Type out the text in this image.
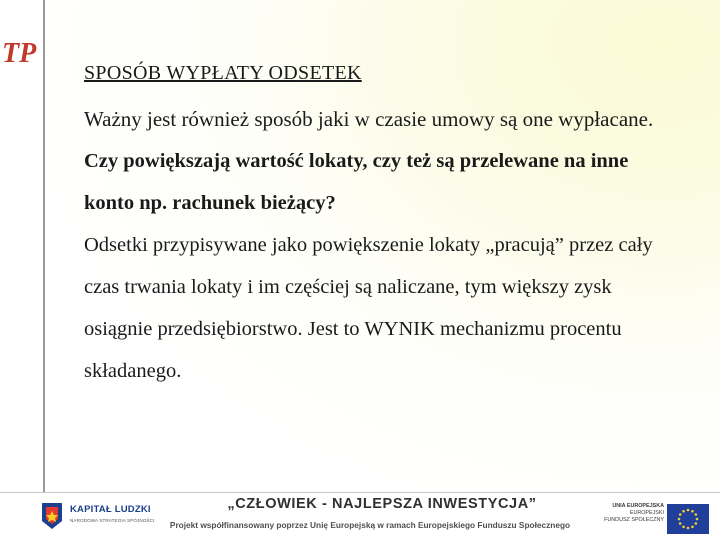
TP
SPOSÓB WYPŁATY ODSETEK

Ważny jest również sposób jaki w czasie umowy są one wypłacane.

Czy powiększają wartość lokaty, czy też są przelewane na inne konto np. rachunek bieżący?

Odsetki przypisywane jako powiększenie lokaty „pracują” przez cały czas trwania lokaty i im częściej są naliczane, tym większy zysk osiągnie przedsiębiorstwo. Jest to WYNIK mechanizmu procentu składanego.

KAPITAŁ LUDZKI
NARODOWA STRATEGIA SPÓJNOŚCI
„CZŁOWIEK - NAJLEPSZA INWESTYCJA”
Projekt współfinansowany poprzez Unię Europejską w ramach Europejskiego Funduszu Społecznego
UNIA EUROPEJSKA
EUROPEJSKI
FUNDUSZ SPOŁECZNY
